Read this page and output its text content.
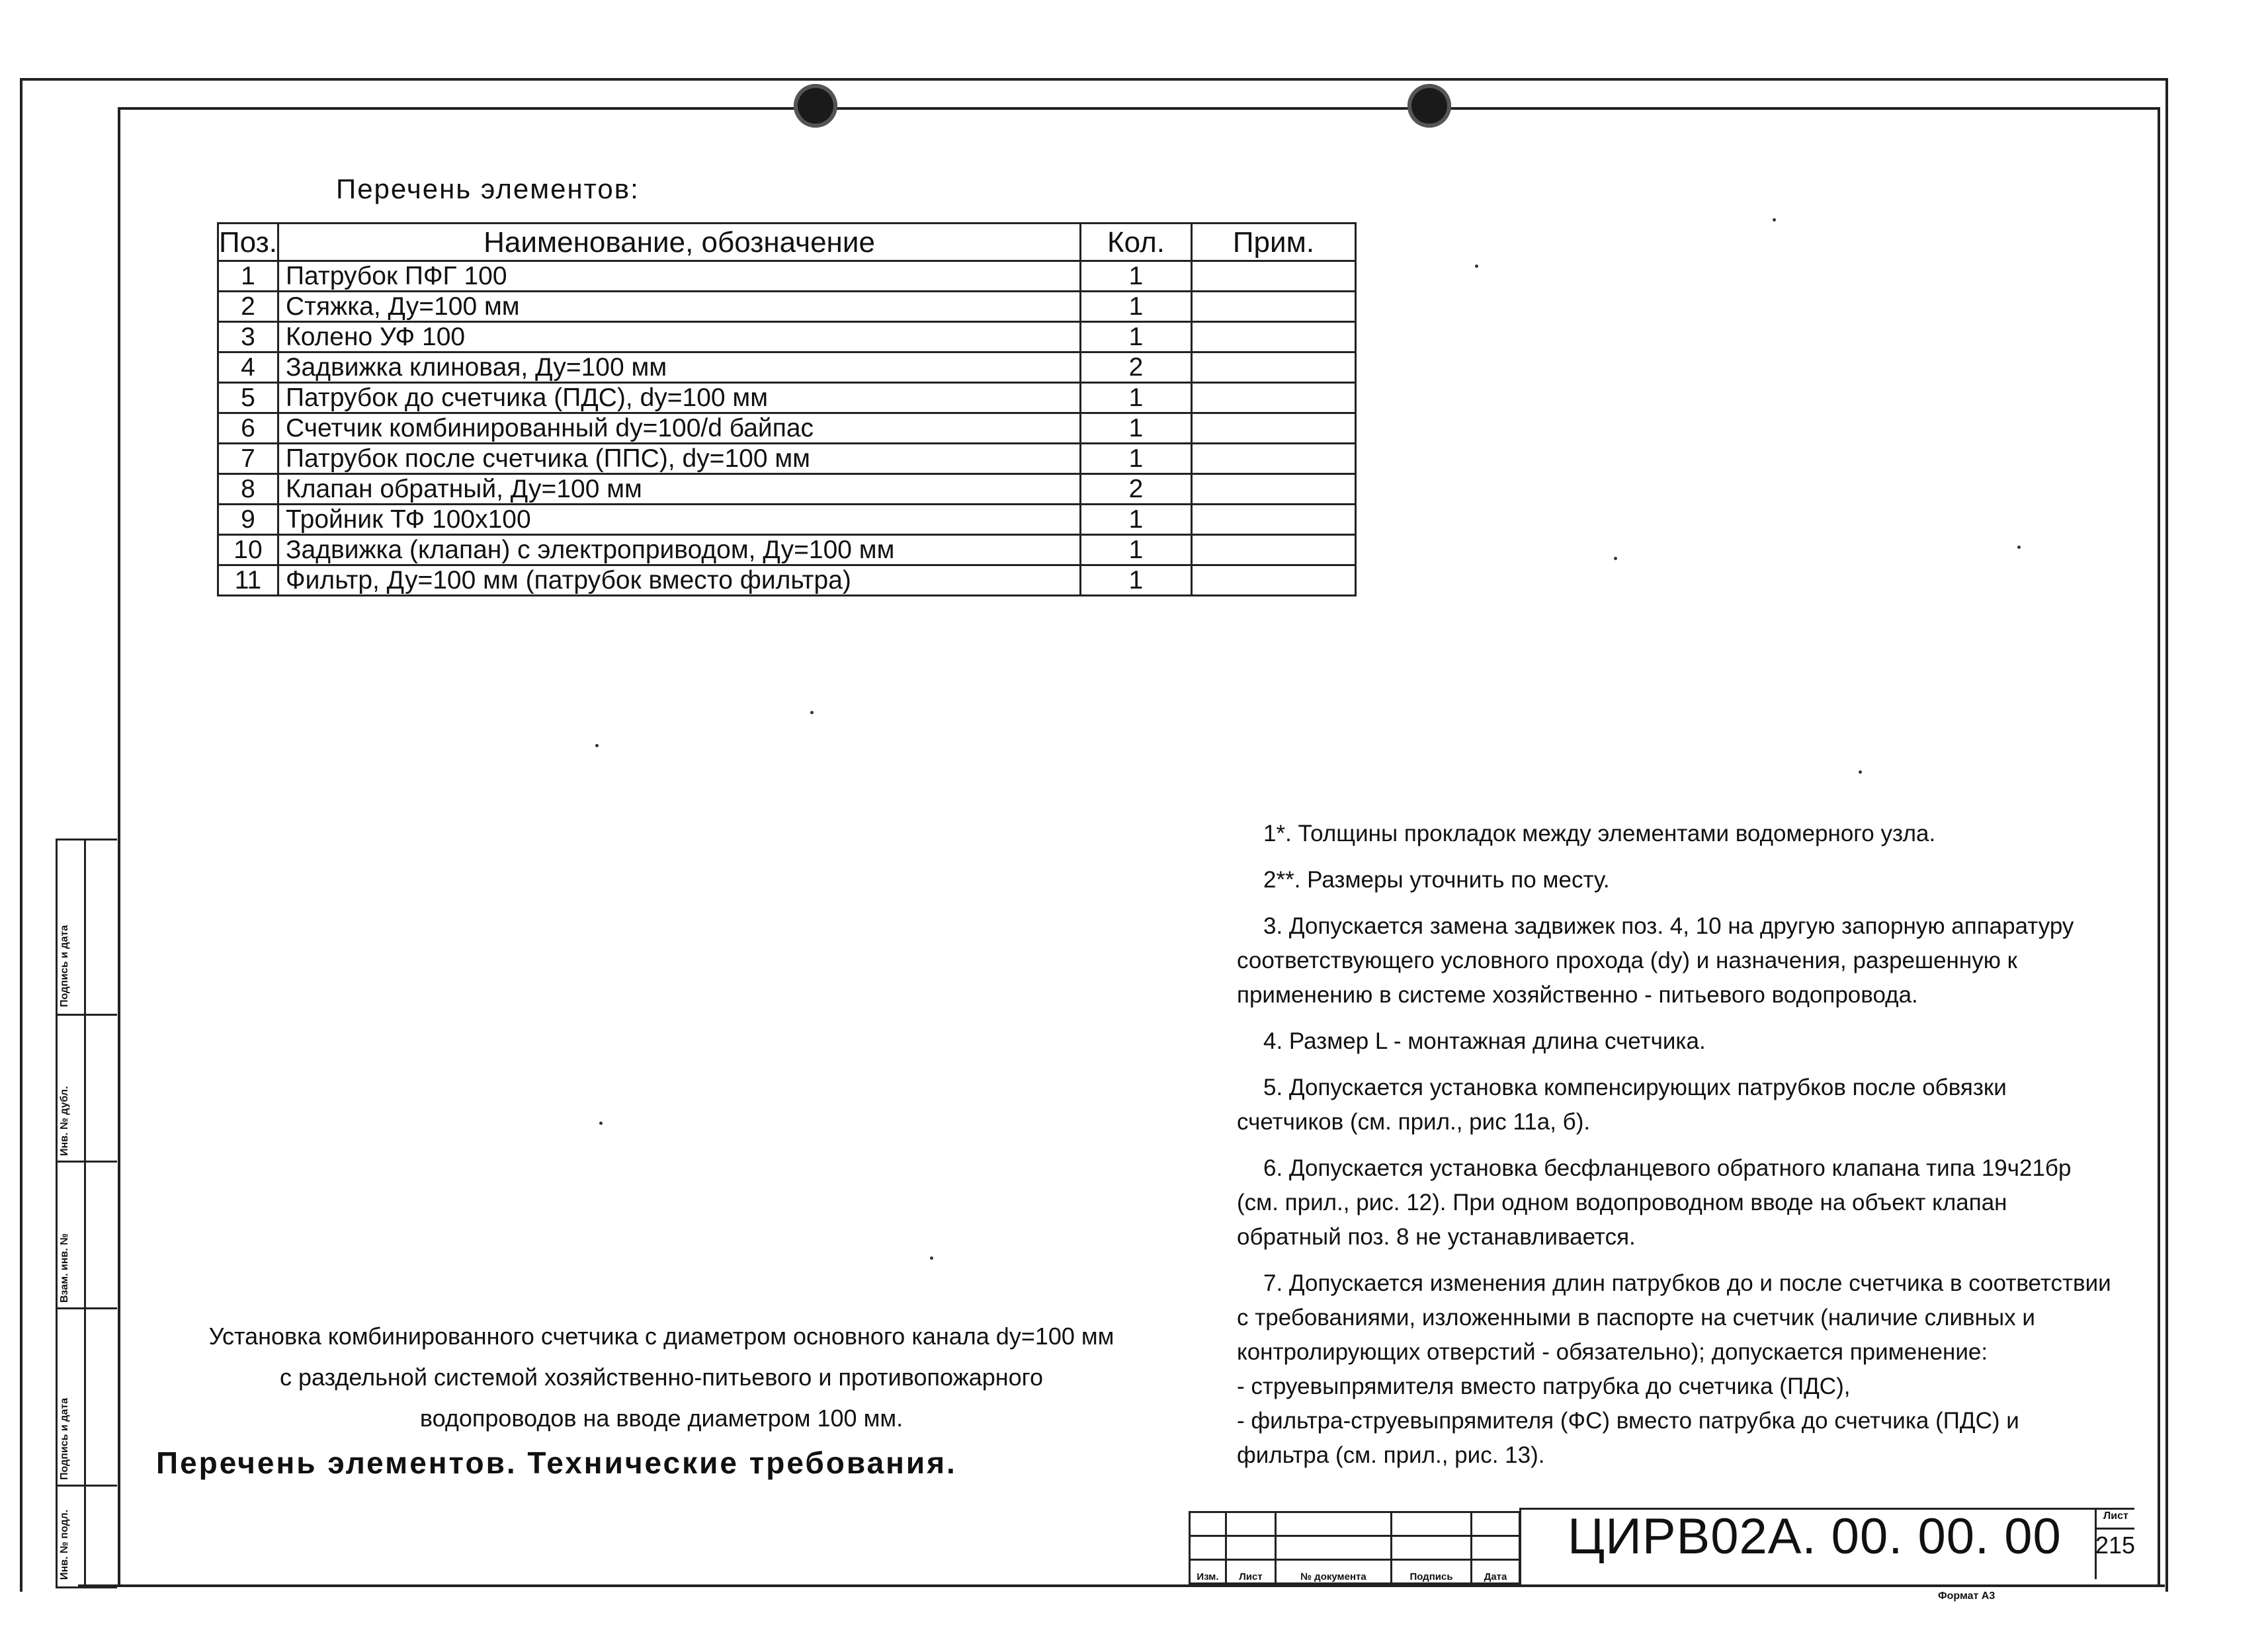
Подпись и дата
Инв. № дубл.
Взам. инв. №
Подпись и дата
Инв. № подл.
Перечень элементов:
Поз.	Наименование, обозначение	Кол.	Прим.
1	Патрубок ПФГ 100	1	
2	Стяжка, Ду=100 мм	1	
3	Колено УФ 100	1	
4	Задвижка клиновая, Ду=100 мм	2	
5	Патрубок до счетчика (ПДС), dy=100 мм	1	
6	Счетчик комбинированный dy=100/d байпас	1	
7	Патрубок после счетчика (ППС), dy=100 мм	1	
8	Клапан обратный, Ду=100 мм	2	
9	Тройник ТФ 100х100	1	
10	Задвижка (клапан) с электроприводом, Ду=100 мм	1	
11	Фильтр, Ду=100 мм (патрубок вместо фильтра)	1	

1*. Толщины прокладок между элементами водомерного узла.

2**. Размеры уточнить по месту.

3. Допускается замена задвижек поз. 4, 10 на другую запорную аппаратуру соответствующего условного прохода (dy) и назначения, разрешенную к применению в системе хозяйственно - питьевого водопровода.

4. Размер L - монтажная длина счетчика.

5. Допускается установка компенсирующих патрубков после обвязки счетчиков (см. прил., рис 11а, б).

6. Допускается установка бесфланцевого обратного клапана типа 19ч21бр (см. прил., рис. 12). При одном водопроводном вводе на объект клапан обратный поз. 8 не устанавливается.

7. Допускается изменения длин патрубков до и после счетчика в соответствии с требованиями, изложенными в паспорте на счетчик (наличие сливных и контролирующих отверстий - обязательно); допускается применение:

- струевыпрямителя вместо патрубка до счетчика (ПДС),

- фильтра-струевыпрямителя (ФС) вместо патрубка до счетчика (ПДС) и фильтра (см. прил., рис. 13).

Установка комбинированного счетчика с диаметром основного канала dy=100 мм
с раздельной системой хозяйственно-питьевого и противопожарного
водопроводов на вводе диаметром 100 мм.
Перечень элементов. Технические требования.

Изм.	Лист	№ документа	Подпись	Дата
ЦИРВ02А. 00. 00. 00	Лист
215
Формат А3
